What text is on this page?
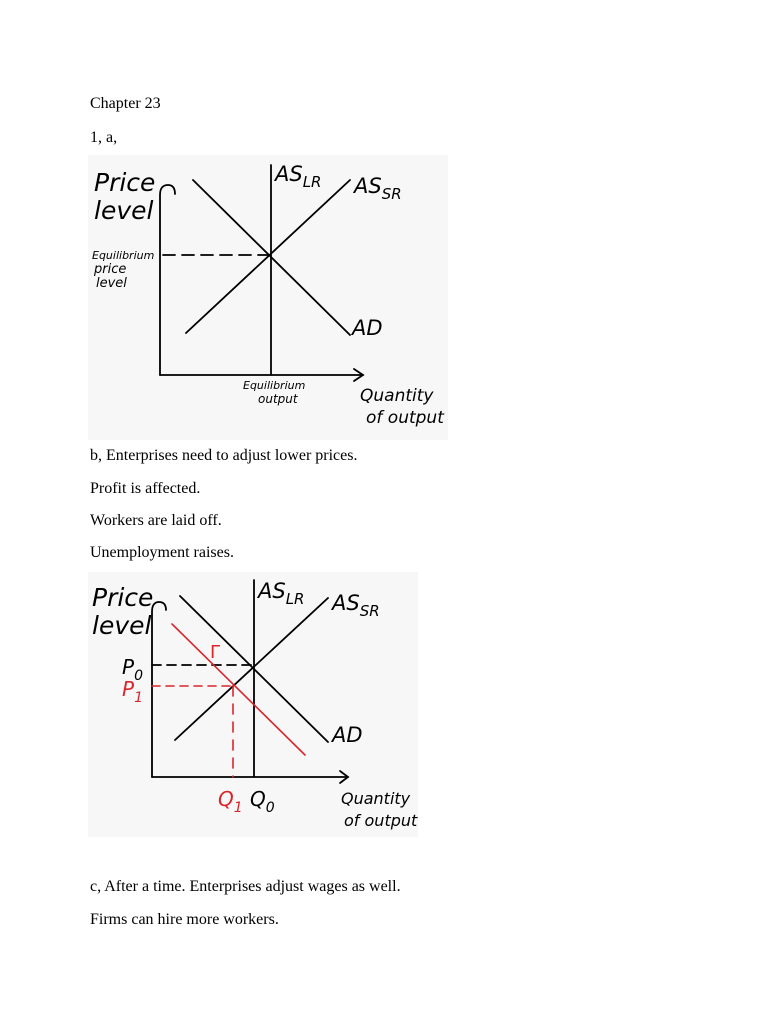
Chapter 23

1, a,

Price
level
Equilibrium
price
level
Equilibrium
output	Quantity
of output
$AS_{LR}$ $AS_{SR}$
AD

b, Enterprises need to adjust lower prices.

Profit is affected.

Workers are laid off.

Unemployment raises.

Price
level
$P_0$
$P_1$
$Q_1$ $Q_0$	Quantity
of output
$AS_{LR}$ $AS_{SR}$
AD
Γ

c, After a time. Enterprises adjust wages as well.

Firms can hire more workers.
